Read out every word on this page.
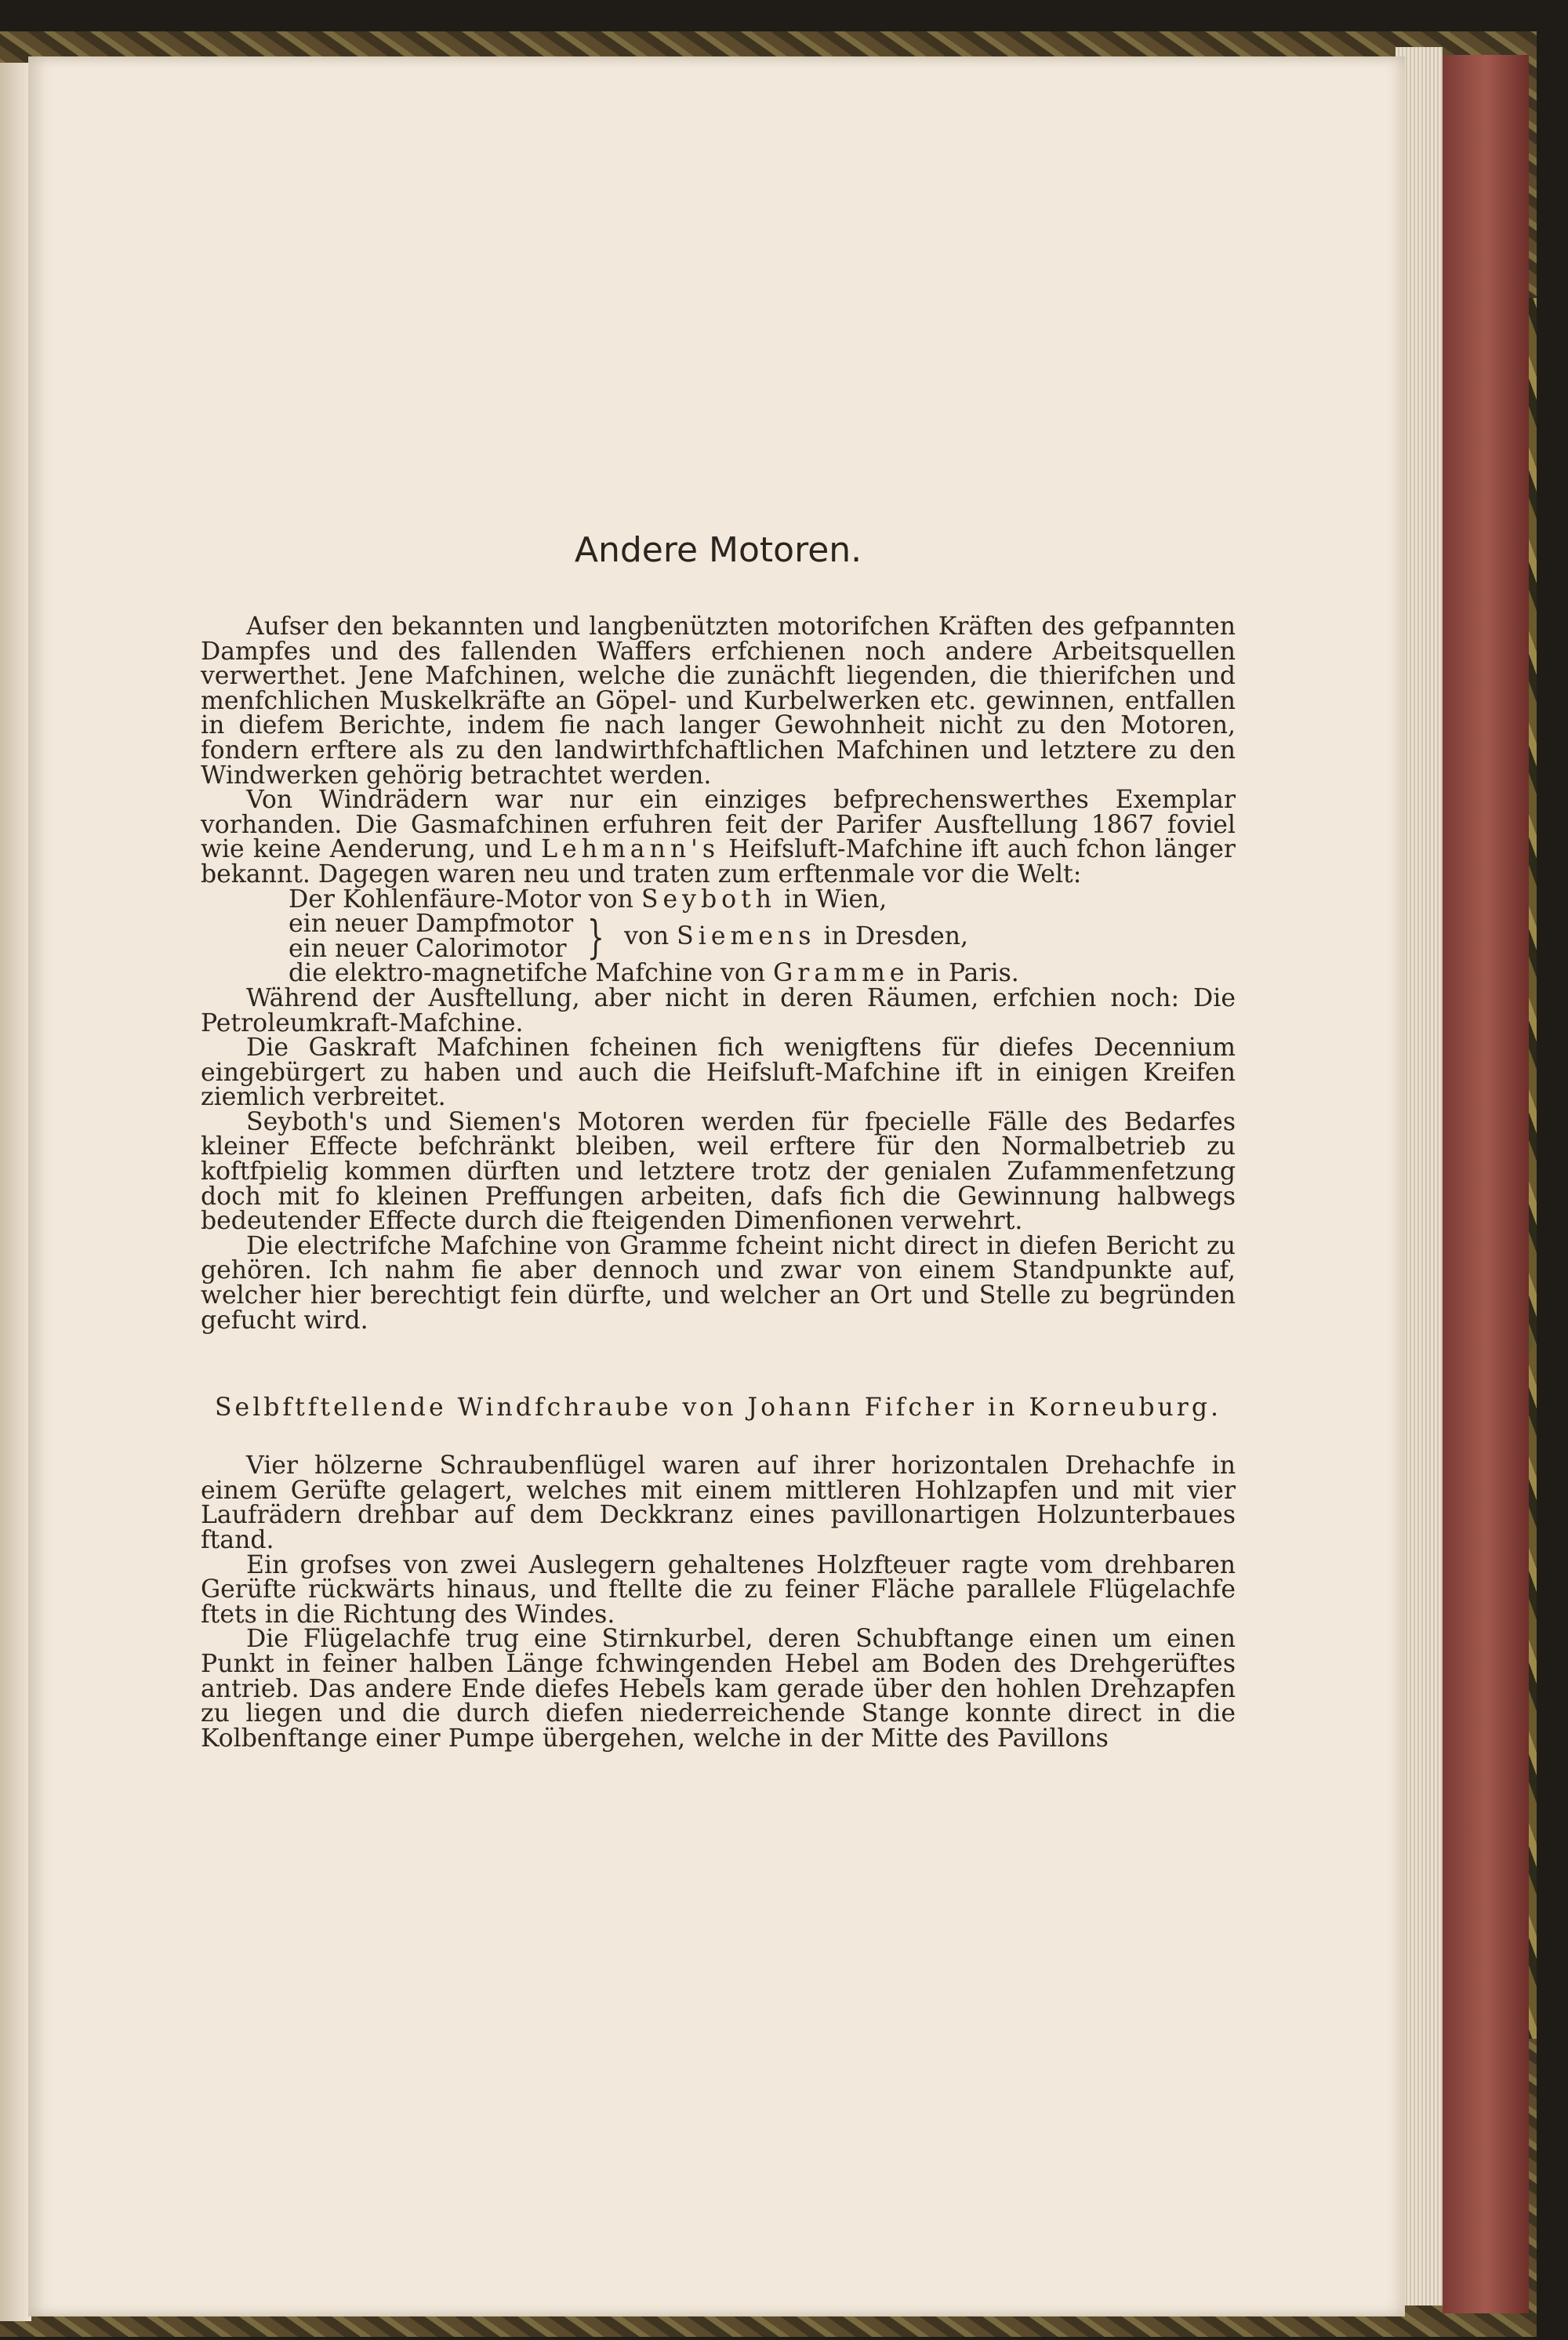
Andere Motoren.

Aufser den bekannten und langbenützten motorifchen Kräften des gefpannten Dampfes und des fallenden Waffers erfchienen noch andere Arbeitsquellen verwerthet. Jene Mafchinen, welche die zunächft liegenden, die thierifchen und menfchlichen Muskelkräfte an Göpel- und Kurbelwerken etc. gewinnen, entfallen in diefem Berichte, indem fie nach langer Gewohnheit nicht zu den Motoren, fondern erftere als zu den landwirthfchaftlichen Mafchinen und letztere zu den Windwerken gehörig betrachtet werden.

Von Windrädern war nur ein einziges befprechenswerthes Exemplar vorhanden. Die Gasmafchinen erfuhren feit der Parifer Ausftellung 1867 foviel wie keine Aenderung, und Lehmann's Heifsluft-Mafchine ift auch fchon länger bekannt. Dagegen waren neu und traten zum erftenmale vor die Welt:

Der Kohlenfäure-Motor von Seyboth in Wien,
ein neuer Dampfmotor
ein neuer Calorimotor } von Siemens in Dresden,
die elektro-magnetifche Mafchine von Gramme in Paris.

Während der Ausftellung, aber nicht in deren Räumen, erfchien noch: Die Petroleumkraft-Mafchine.

Die Gaskraft Mafchinen fcheinen fich wenigftens für diefes Decennium eingebürgert zu haben und auch die Heifsluft-Mafchine ift in einigen Kreifen ziemlich verbreitet.

Seyboth's und Siemen's Motoren werden für fpecielle Fälle des Bedarfes kleiner Effecte befchränkt bleiben, weil erftere für den Normalbetrieb zu koftfpielig kommen dürften und letztere trotz der genialen Zufammenfetzung doch mit fo kleinen Preffungen arbeiten, dafs fich die Gewinnung halbwegs bedeutender Effecte durch die fteigenden Dimenfionen verwehrt.

Die electrifche Mafchine von Gramme fcheint nicht direct in diefen Bericht zu gehören. Ich nahm fie aber dennoch und zwar von einem Standpunkte auf, welcher hier berechtigt fein dürfte, und welcher an Ort und Stelle zu begründen gefucht wird.

Selbftftellende Windfchraube von Johann Fifcher in Korneuburg.

Vier hölzerne Schraubenflügel waren auf ihrer horizontalen Drehachfe in einem Gerüfte gelagert, welches mit einem mittleren Hohlzapfen und mit vier Laufrädern drehbar auf dem Deckkranz eines pavillonartigen Holzunterbaues ftand.

Ein grofses von zwei Auslegern gehaltenes Holzfteuer ragte vom drehbaren Gerüfte rückwärts hinaus, und ftellte die zu feiner Fläche parallele Flügelachfe ftets in die Richtung des Windes.

Die Flügelachfe trug eine Stirnkurbel, deren Schubftange einen um einen Punkt in feiner halben Länge fchwingenden Hebel am Boden des Drehgerüftes antrieb. Das andere Ende diefes Hebels kam gerade über den hohlen Drehzapfen zu liegen und die durch diefen niederreichende Stange konnte direct in die Kolbenftange einer Pumpe übergehen, welche in der Mitte des Pavillons
